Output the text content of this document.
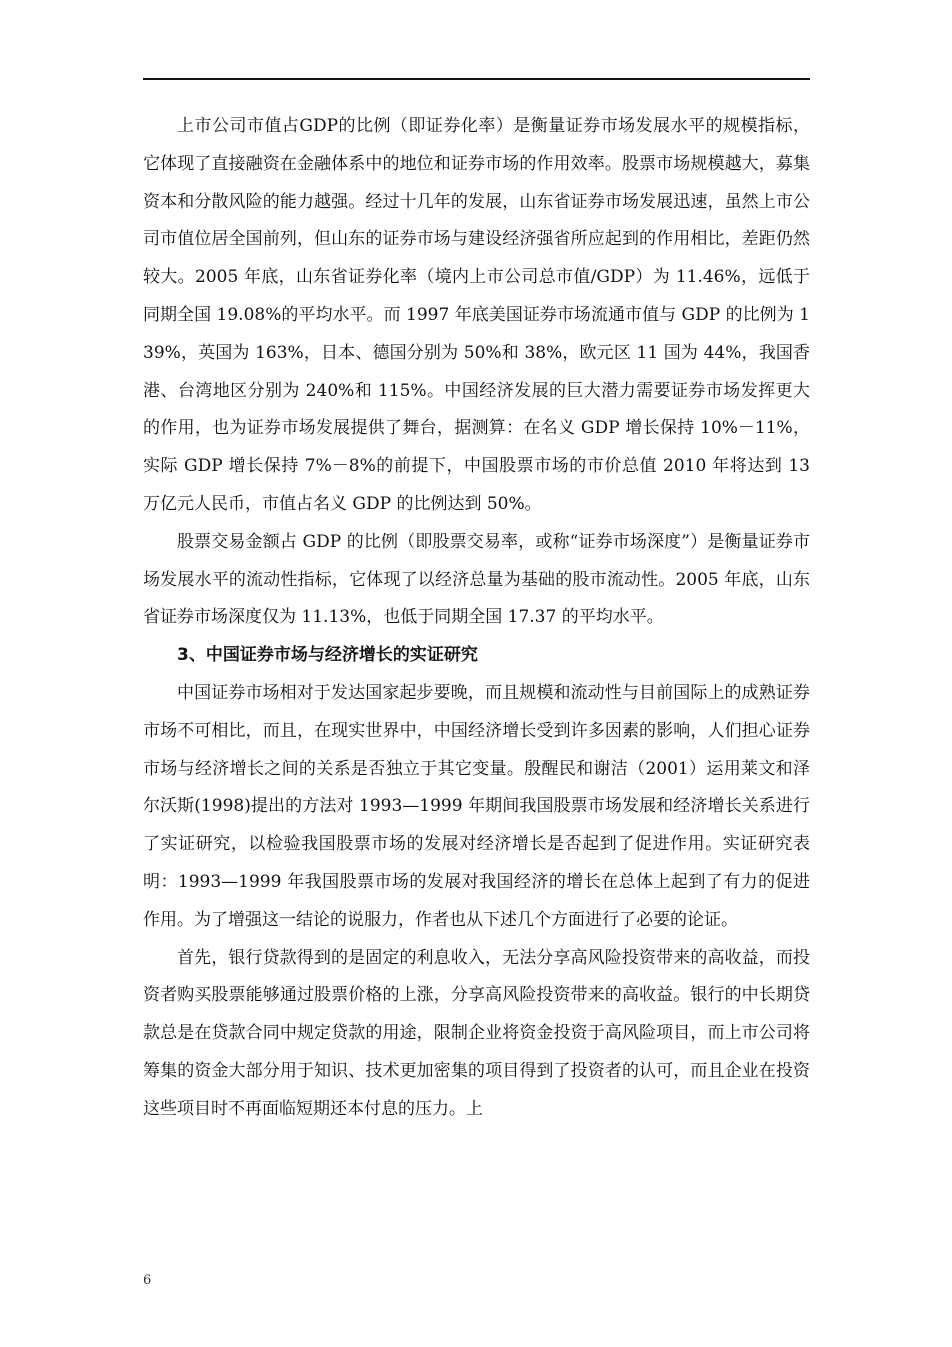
上市公司市值占GDP的比例（即证券化率）是衡量证券市场发展水平的规模指标，它体现了直接融资在金融体系中的地位和证券市场的作用效率。股票市场规模越大，募集资本和分散风险的能力越强。经过十几年的发展，山东省证券市场发展迅速，虽然上市公司市值位居全国前列，但山东的证券市场与建设经济强省所应起到的作用相比，差距仍然较大。2005 年底，山东省证券化率（境内上市公司总市值/GDP）为 11.46%，远低于同期全国 19.08%的平均水平。而 1997 年底美国证券市场流通市值与 GDP 的比例为 139%，英国为 163%，日本、德国分别为 50%和 38%，欧元区 11 国为 44%，我国香港、台湾地区分别为 240%和 115%。中国经济发展的巨大潜力需要证券市场发挥更大的作用，也为证券市场发展提供了舞台，据测算：在名义 GDP 增长保持 10%－11%，实际 GDP 增长保持 7%－8%的前提下，中国股票市场的市价总值 2010 年将达到 13 万亿元人民币，市值占名义 GDP 的比例达到 50%。

股票交易金额占 GDP 的比例（即股票交易率，或称“证券市场深度”）是衡量证券市场发展水平的流动性指标，它体现了以经济总量为基础的股市流动性。2005 年底，山东省证券市场深度仅为 11.13%，也低于同期全国 17.37 的平均水平。

3、中国证券市场与经济增长的实证研究

中国证券市场相对于发达国家起步要晚，而且规模和流动性与目前国际上的成熟证券市场不可相比，而且，在现实世界中，中国经济增长受到许多因素的影响，人们担心证券市场与经济增长之间的关系是否独立于其它变量。殷醒民和谢洁（2001）运用莱文和泽尔沃斯(1998)提出的方法对 1993—1999 年期间我国股票市场发展和经济增长关系进行了实证研究，以检验我国股票市场的发展对经济增长是否起到了促进作用。实证研究表明：1993—1999 年我国股票市场的发展对我国经济的增长在总体上起到了有力的促进作用。为了增强这一结论的说服力，作者也从下述几个方面进行了必要的论证。

首先，银行贷款得到的是固定的利息收入，无法分享高风险投资带来的高收益，而投资者购买股票能够通过股票价格的上涨，分享高风险投资带来的高收益。银行的中长期贷款总是在贷款合同中规定贷款的用途，限制企业将资金投资于高风险项目，而上市公司将筹集的资金大部分用于知识、技术更加密集的项目得到了投资者的认可，而且企业在投资这些项目时不再面临短期还本付息的压力。上

6
